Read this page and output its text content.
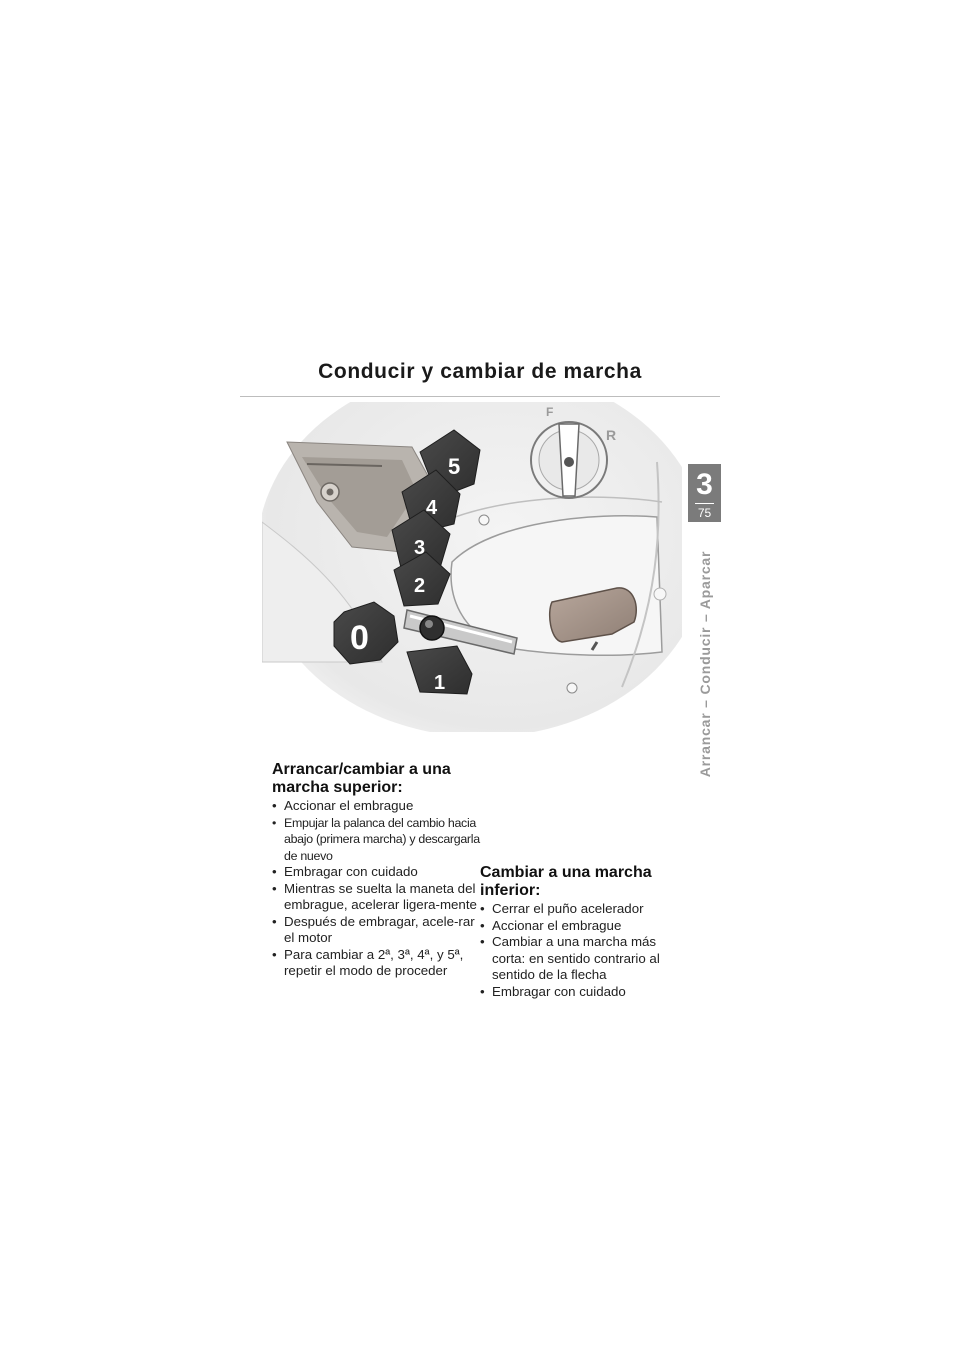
Conducir y cambiar de marcha
F
R
5
4
3
2
0
1
3
75
Arrancar – Conducir – Aparcar
Arrancar/cambiar a una marcha superior:
• Accionar el embrague
• Empujar la palanca del cambio hacia abajo (primera marcha) y descargarla de nuevo
• Embragar con cuidado
• Mientras se suelta la maneta del embrague, acelerar ligera-mente
• Después de embragar, acele-rar el motor
• Para cambiar a 2ª, 3ª, 4ª, y 5ª, repetir el modo de proceder
Cambiar a una marcha inferior:
• Cerrar el puño acelerador
• Accionar el embrague
• Cambiar a una marcha más corta: en sentido contrario al sentido de la flecha
• Embragar con cuidado
